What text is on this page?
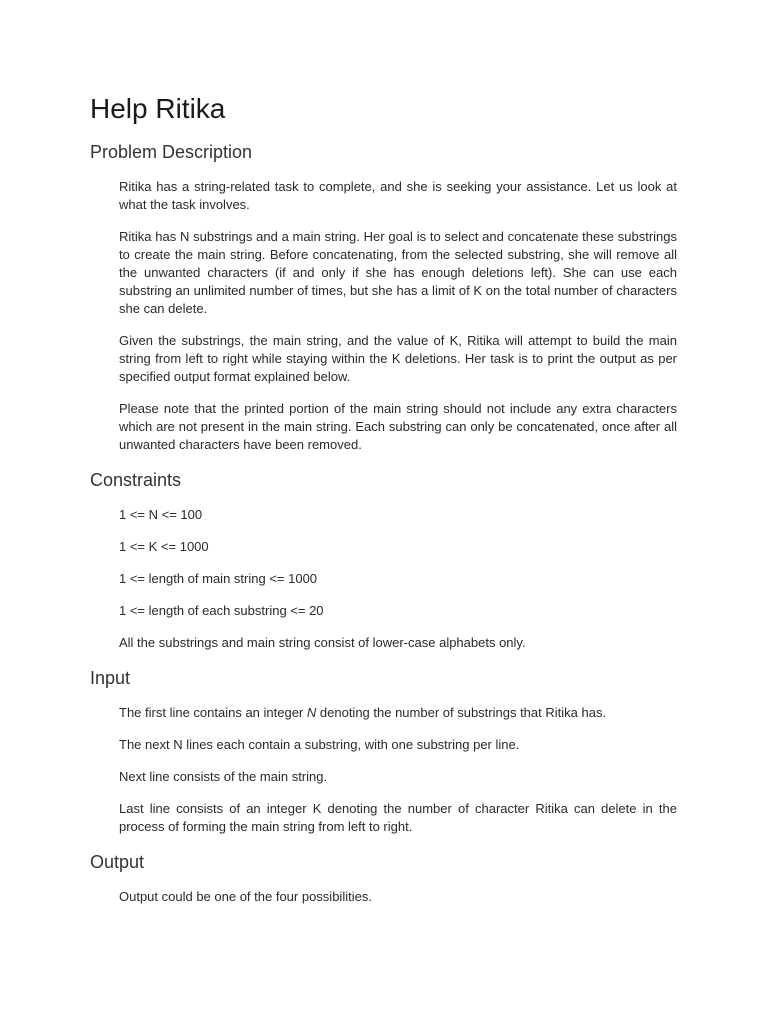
Help Ritika
Problem Description

Ritika has a string-related task to complete, and she is seeking your assistance. Let us look at what the task involves.

Ritika has N substrings and a main string. Her goal is to select and concatenate these substrings to create the main string. Before concatenating, from the selected substring, she will remove all the unwanted characters (if and only if she has enough deletions left). She can use each substring an unlimited number of times, but she has a limit of K on the total number of characters she can delete.

Given the substrings, the main string, and the value of K, Ritika will attempt to build the main string from left to right while staying within the K deletions. Her task is to print the output as per specified output format explained below.

Please note that the printed portion of the main string should not include any extra characters which are not present in the main string. Each substring can only be concatenated, once after all unwanted characters have been removed.

Constraints

1 <= N <= 100

1 <= K <= 1000

1 <= length of main string <= 1000

1 <= length of each substring <= 20

All the substrings and main string consist of lower-case alphabets only.

Input

The first line contains an integer N denoting the number of substrings that Ritika has.

The next N lines each contain a substring, with one substring per line.

Next line consists of the main string.

Last line consists of an integer K denoting the number of character Ritika can delete in the process of forming the main string from left to right.

Output

Output could be one of the four possibilities.
